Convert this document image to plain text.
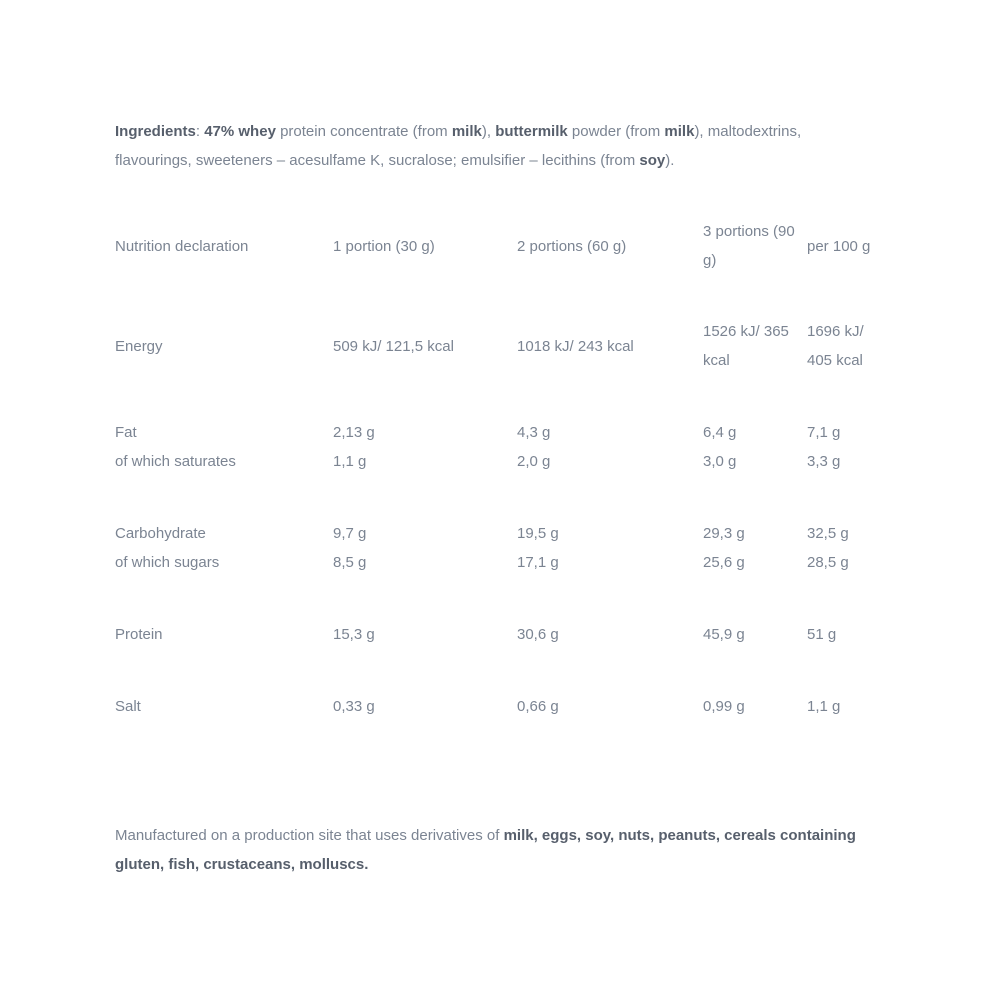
Ingredients: 47% whey protein concentrate (from milk), buttermilk powder (from milk), maltodextrins, flavourings, sweeteners – acesulfame K, sucralose; emulsifier – lecithins (from soy).

Nutrition declaration	1 portion (30 g)	2 portions (60 g)	3 portions (90 g)	per 100 g
Energy	509 kJ/ 121,5 kcal	1018 kJ/ 243 kcal	1526 kJ/ 365 kcal	1696 kJ/ 405 kcal
Fat	2,13 g	4,3 g	6,4 g	7,1 g
of which saturates	1,1 g	2,0 g	3,0 g	3,3 g
Carbohydrate	9,7 g	19,5 g	29,3 g	32,5 g
of which sugars	8,5 g	17,1 g	25,6 g	28,5 g
Protein	15,3 g	30,6 g	45,9 g	51 g
Salt	0,33 g	0,66 g	0,99 g	1,1 g

Manufactured on a production site that uses derivatives of milk, eggs, soy, nuts, peanuts, cereals containing gluten, fish, crustaceans, molluscs.
